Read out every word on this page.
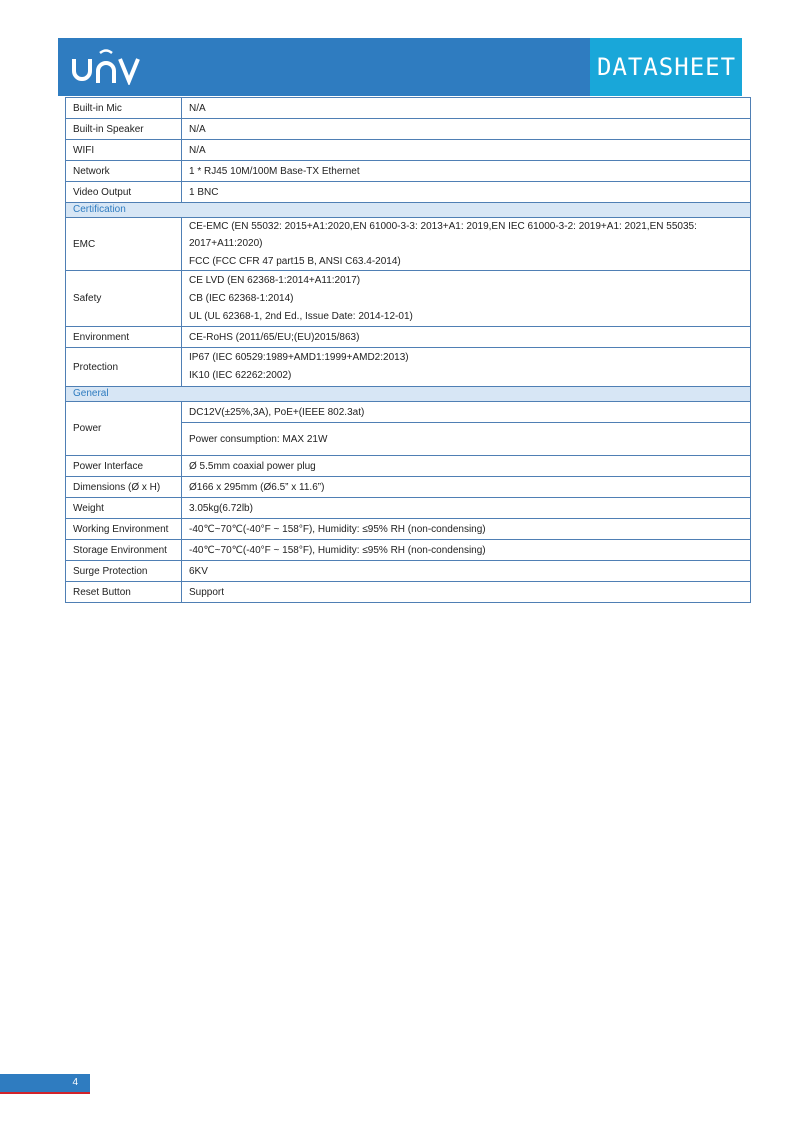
DATASHEET
Built-in Mic	N/A
Built-in Speaker	N/A
WIFI	N/A
Network	1 * RJ45 10M/100M Base-TX Ethernet
Video Output	1 BNC
Certification	
EMC	CE-EMC (EN 55032: 2015+A1:2020,EN 61000-3-3: 2013+A1: 2019,EN IEC 61000-3-2: 2019+A1: 2021,EN 55035: 2017+A11:2020)

FCC (FCC CFR 47 part15 B, ANSI C63.4-2014)

Safety	CE LVD (EN 62368-1:2014+A11:2017)

CB (IEC 62368-1:2014)

UL (UL 62368-1, 2nd Ed., Issue Date: 2014-12-01)

Environment	CE-RoHS (2011/65/EU;(EU)2015/863)
Protection	IP67 (IEC 60529:1989+AMD1:1999+AMD2:2013)

IK10 (IEC 62262:2002)

General	
Power	DC12V(±25%,3A), PoE+(IEEE 802.3at)
	Power consumption: MAX 21W
Power Interface	Ø 5.5mm coaxial power plug
Dimensions (Ø x H)	Ø166 x 295mm (Ø6.5” x 11.6”)
Weight	3.05kg(6.72lb)
Working Environment	-40℃~70℃(-40°F ~ 158°F), Humidity: ≤95% RH (non-condensing)
Storage Environment	-40℃~70℃(-40°F ~ 158°F), Humidity: ≤95% RH (non-condensing)
Surge Protection	6KV
Reset Button	Support
4
